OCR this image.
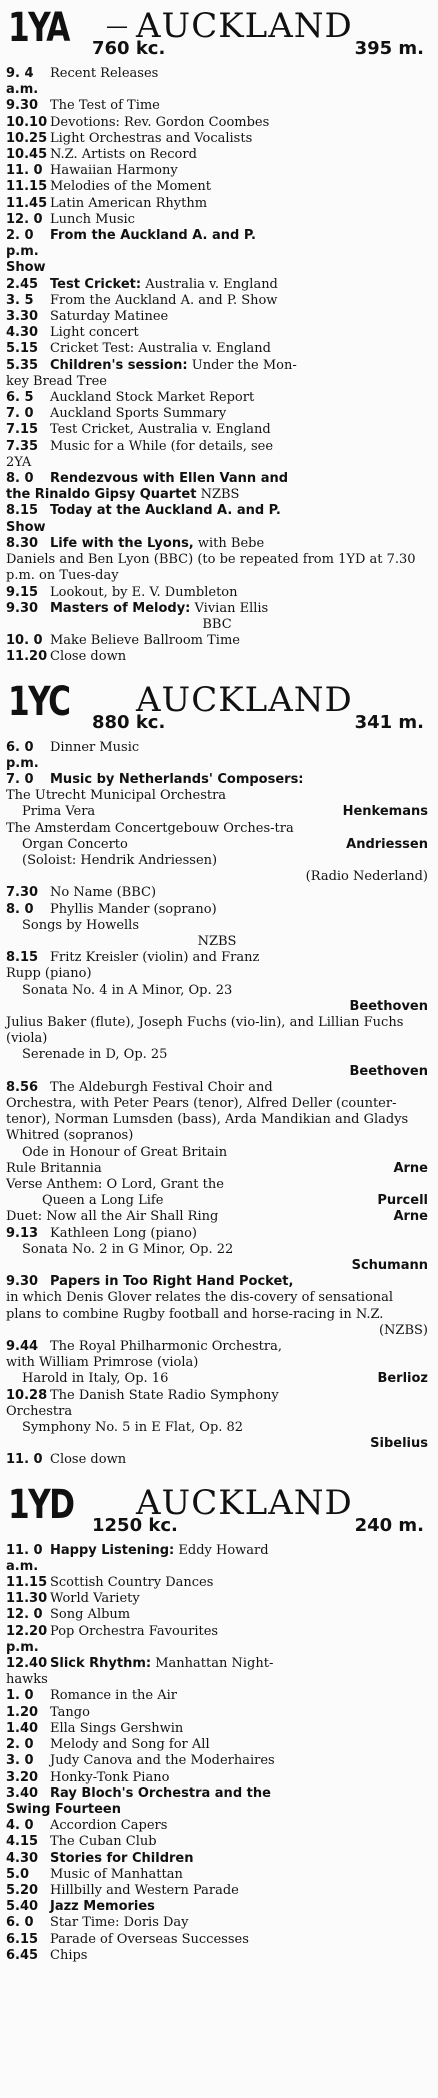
1YA — AUCKLAND
760 kc.	395 m.
9. 4 a.m.
Recent Releases
9.30 The Test of Time
10.10 Devotions: Rev. Gordon Coombes
10.25 Light Orchestras and Vocalists
10.45 N.Z. Artists on Record
11. 0 Hawaiian Harmony
11.15 Melodies of the Moment
11.45 Latin American Rhythm
12. 0 Lunch Music
2. 0 p.m.
From the Auckland A. and P.
Show
2.45 Test Cricket: Australia v. England
3. 5	From the Auckland A. and P. Show
3.30 Saturday Matinee
4.30 Light concert
5.15 Cricket Test: Australia v. England
5.35 Children's session: Under the Mon-
key Bread Tree
6. 5	Auckland Stock Market Report
7. 0	Auckland Sports Summary
7.15 Test Cricket, Australia v. England
7.35 Music for a While (for details, see
2YA
8. 0	Rendezvous with Ellen Vann and
the Rinaldo Gipsy Quartet NZBS
8.15 Today at the Auckland A. and P.
Show
8.30 Life with the Lyons, with Bebe
Daniels and Ben Lyon (BBC) (to be repeated from 1YD at 7.30 p.m. on Tues-day
9.15 Lookout, by E. V. Dumbleton
9.30 Masters of Melody: Vivian Ellis
BBC
10. 0 Make Believe Ballroom Time
11.20 Close down
1YC AUCKLAND
880 kc.	341 m.
6. 0 p.m.
Dinner Music
7. 0	Music by Netherlands' Composers:
The Utrecht Municipal Orchestra
Prima Vera	Henkemans
The Amsterdam Concertgebouw Orches-tra
Organ Concerto	Andriessen
(Soloist: Hendrik Andriessen)
(Radio Nederland)
7.30 No Name (BBC)
8. 0	Phyllis Mander (soprano)
Songs by Howells
NZBS
8.15 Fritz Kreisler (violin) and Franz
Rupp (piano)
Sonata No. 4 in A Minor, Op. 23
Beethoven
Julius Baker (flute), Joseph Fuchs (vio-lin), and Lillian Fuchs (viola)
Serenade in D, Op. 25
Beethoven
8.56 The Aldeburgh Festival Choir and
Orchestra, with Peter Pears (tenor), Alfred Deller (counter-tenor), Norman Lumsden (bass), Arda Mandikian and Gladys Whitred (sopranos)
Ode in Honour of Great Britain
Rule Britannia	Arne
Verse Anthem: O Lord, Grant the
Queen a Long Life	Purcell
Duet: Now all the Air Shall Ring	Arne
9.13 Kathleen Long (piano)
Sonata No. 2 in G Minor, Op. 22
Schumann
9.30 Papers in Too Right Hand Pocket,
in which Denis Glover relates the dis-covery of sensational plans to combine Rugby football and horse-racing in N.Z.
(NZBS)
9.44 The Royal Philharmonic Orchestra,
with William Primrose (viola)
Harold in Italy, Op. 16	Berlioz
10.28 The Danish State Radio Symphony
Orchestra
Symphony No. 5 in E Flat, Op. 82
Sibelius
11. 0 Close down
1YD AUCKLAND
1250 kc.	240 m.
11. 0 a.m.
Happy Listening: Eddy Howard
11.15 Scottish Country Dances
11.30 World Variety
12. 0 Song Album
12.20 p.m.
Pop Orchestra Favourites
12.40 Slick Rhythm: Manhattan Night-
hawks
1. 0	Romance in the Air
1.20 Tango
1.40 Ella Sings Gershwin
2. 0	Melody and Song for All
3. 0	Judy Canova and the Moderhaires
3.20 Honky-Tonk Piano
3.40 Ray Bloch's Orchestra and the
Swing Fourteen
4. 0	Accordion Capers
4.15 The Cuban Club
4.30 Stories for Children
5.0	Music of Manhattan
5.20 Hillbilly and Western Parade
5.40 Jazz Memories
6. 0	Star Time: Doris Day
6.15 Parade of Overseas Successes
6.45 Chips
